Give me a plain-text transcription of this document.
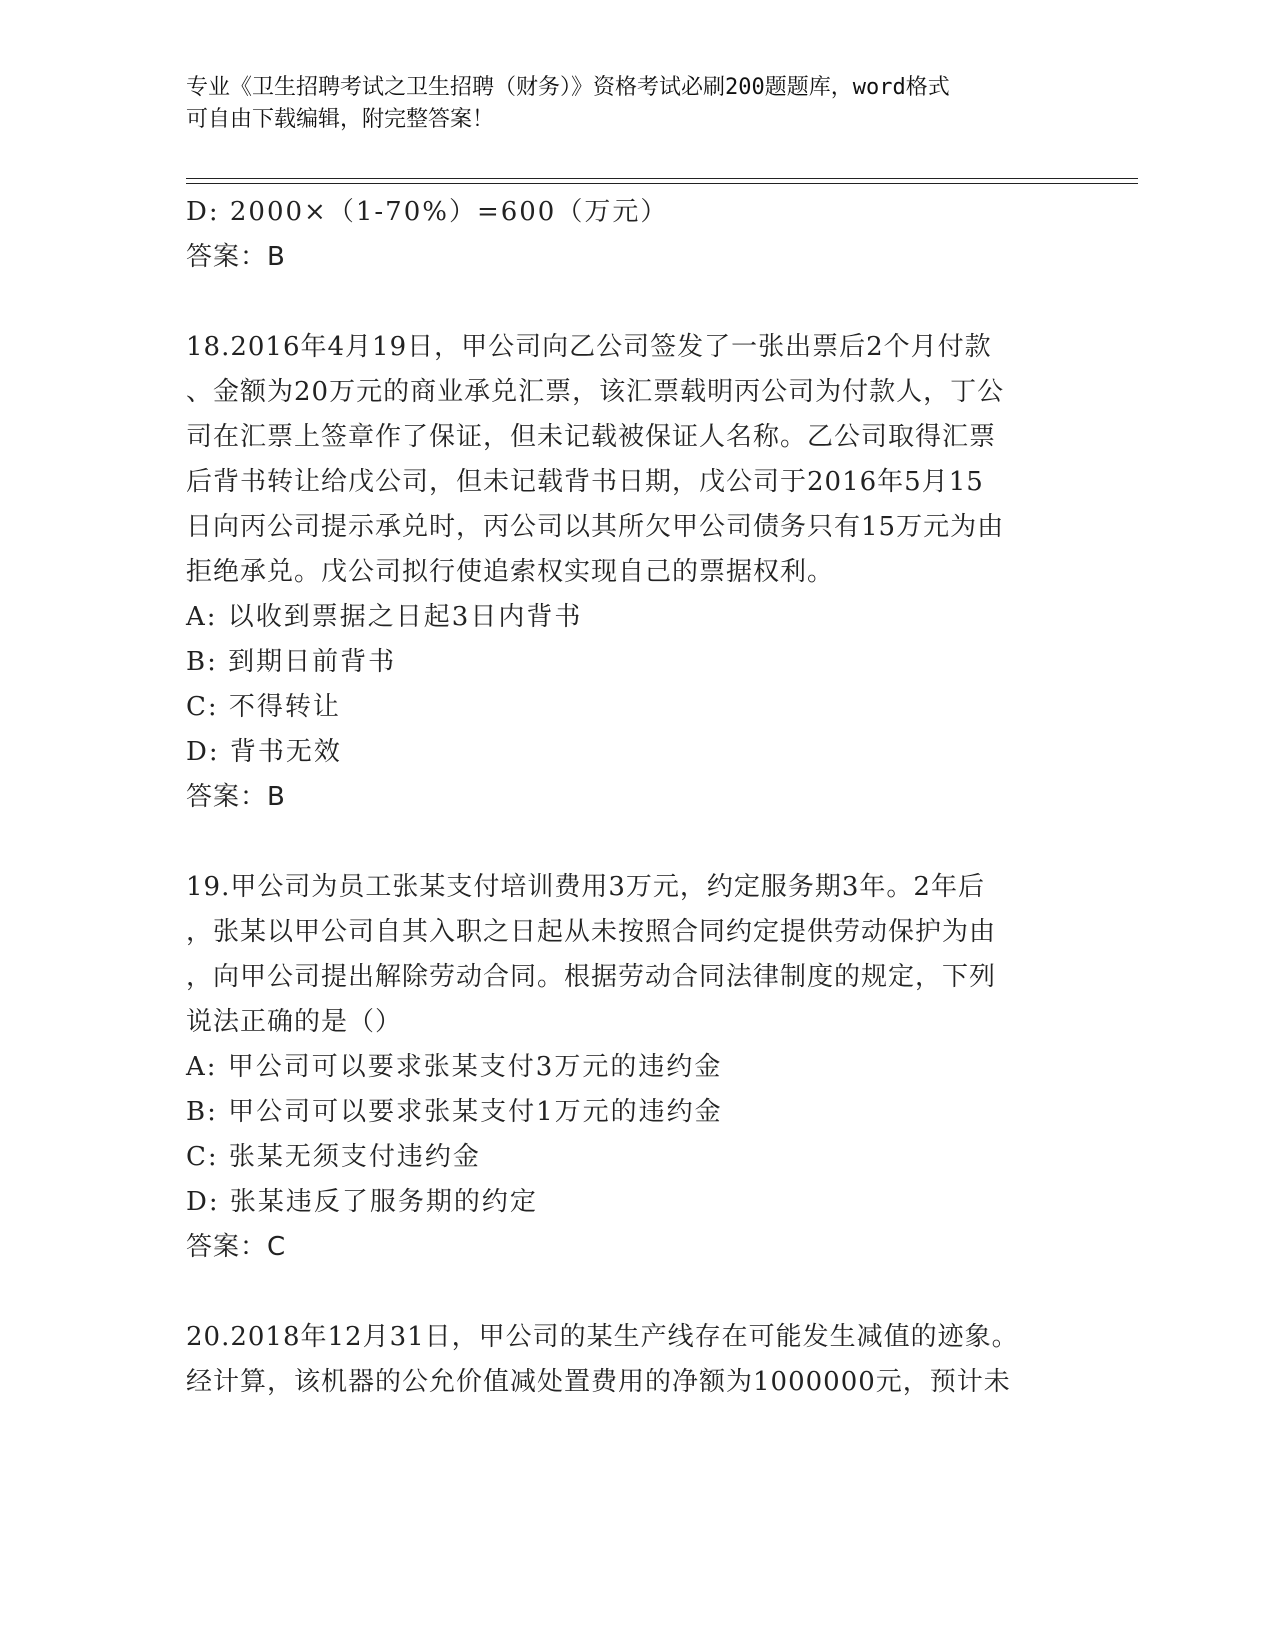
专业《卫生招聘考试之卫生招聘（财务）》资格考试必刷200题题库，word格式
可自由下载编辑，附完整答案！
D: 2000×（1-70%）=600（万元）
答案：B
18.2016年4月19日，甲公司向乙公司签发了一张出票后2个月付款
、金额为20万元的商业承兑汇票，该汇票载明丙公司为付款人，丁公
司在汇票上签章作了保证，但未记载被保证人名称。乙公司取得汇票
后背书转让给戊公司，但未记载背书日期，戊公司于2016年5月15
日向丙公司提示承兑时，丙公司以其所欠甲公司债务只有15万元为由
拒绝承兑。戊公司拟行使追索权实现自己的票据权利。
A: 以收到票据之日起3日内背书
B: 到期日前背书
C: 不得转让
D: 背书无效
答案：B
19.甲公司为员工张某支付培训费用3万元，约定服务期3年。2年后
，张某以甲公司自其入职之日起从未按照合同约定提供劳动保护为由
，向甲公司提出解除劳动合同。根据劳动合同法律制度的规定，下列
说法正确的是（）
A: 甲公司可以要求张某支付3万元的违约金
B: 甲公司可以要求张某支付1万元的违约金
C: 张某无须支付违约金
D: 张某违反了服务期的约定
答案：C
20.2018年12月31日，甲公司的某生产线存在可能发生减值的迹象。
经计算，该机器的公允价值减处置费用的净额为1000000元，预计未
